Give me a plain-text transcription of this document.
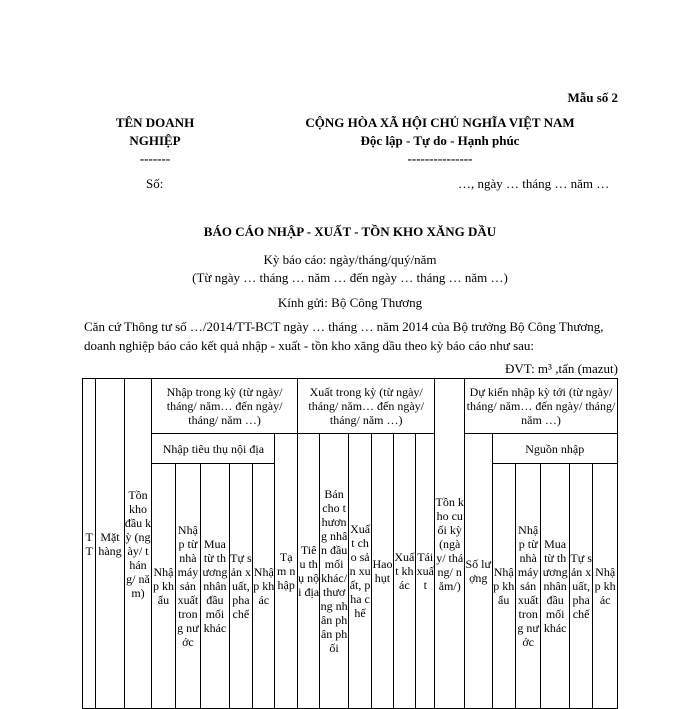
Mẫu số 2
TÊN DOANH NGHIỆP
-------
CỘNG HÒA XÃ HỘI CHỦ NGHĨA VIỆT NAM
Độc lập - Tự do - Hạnh phúc
---------------
Số:	…, ngày … tháng … năm …
BÁO CÁO NHẬP - XUẤT - TỒN KHO XĂNG DẦU
Kỳ báo cáo: ngày/tháng/quý/năm
(Từ ngày … tháng … năm … đến ngày … tháng … năm …)
Kính gửi: Bộ Công Thương
Căn cứ Thông tư số …/2014/TT-BCT ngày … tháng … năm 2014 của Bộ trưởng Bộ Công Thương, doanh nghiệp báo cáo kết quả nhập - xuất - tồn kho xăng dầu theo kỳ báo cáo như sau:
ĐVT: m³ ,tấn (mazut)
TT	Mặt hàng	Tồn kho đầu kỳ (ngày/ tháng/ năm)	Nhập trong kỳ (từ ngày/ tháng/ năm… đến ngày/ tháng/ năm …)						Xuất trong kỳ (từ ngày/ tháng/ năm… đến ngày/ tháng/ năm …)						Tồn kho cuối kỳ (ngày/ tháng/ năm/)	Dự kiến nhập kỳ tới (từ ngày/ tháng/ năm… đến ngày/ tháng/ năm …)					
			Nhập tiêu thụ nội địa					Tạm nhập	Tiêu thụ nội địa	Bán cho thương nhân đầu mối khác/ thương nhân phân phối	Xuất cho sản xuất, pha chế	Hao hụt	Xuất khác	Tái xuất		Số lượng	Nguồn nhập				
			Nhập khẩu	Nhập từ nhà máy sản xuất trong nước	Mua từ thương nhân đầu mối khác	Tự sản xuất, pha chế	Nhập khác										Nhập khẩu	Nhập từ nhà máy sản xuất trong nước	Mua từ thương nhân đầu mối khác	Tự sản xuất, pha chế	Nhập khác
